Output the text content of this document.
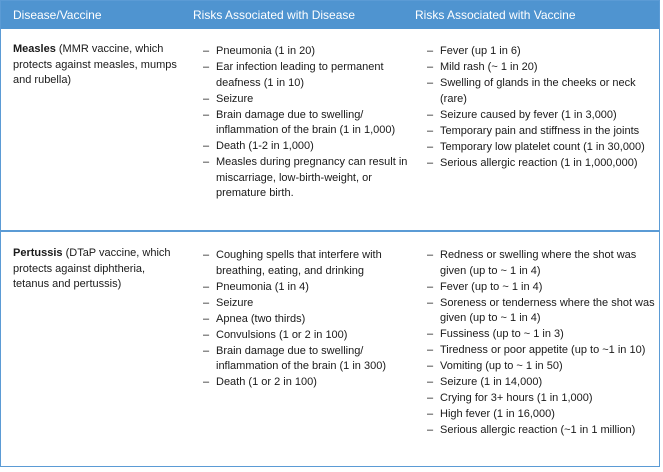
Disease/Vaccine	Risks Associated with Disease	Risks Associated with Vaccine
Measles (MMR vaccine, which protects against measles, mumps and rubella)
– Pneumonia (1 in 20)
– Ear infection leading to permanent deafness (1 in 10)
– Seizure
– Brain damage due to swelling/ inflammation of the brain (1 in 1,000)
– Death (1-2 in 1,000)
– Measles during pregnancy can result in miscarriage, low-birth-weight, or premature birth.
– Fever (up 1 in 6)
– Mild rash (~ 1 in 20)
– Swelling of glands in the cheeks or neck (rare)
– Seizure caused by fever (1 in 3,000)
– Temporary pain and stiffness in the joints
– Temporary low platelet count (1 in 30,000)
– Serious allergic reaction (1 in 1,000,000)
Pertussis (DTaP vaccine, which protects against diphtheria, tetanus and pertussis)
– Coughing spells that interfere with breathing, eating, and drinking
– Pneumonia (1 in 4)
– Seizure
– Apnea (two thirds)
– Convulsions (1 or 2 in 100)
– Brain damage due to swelling/ inflammation of the brain (1 in 300)
– Death (1 or 2 in 100)
– Redness or swelling where the shot was given (up to ~ 1 in 4)
– Fever (up to ~ 1 in 4)
– Soreness or tenderness where the shot was given (up to ~ 1 in 4)
– Fussiness (up to ~ 1 in 3)
– Tiredness or poor appetite (up to ~1 in 10)
– Vomiting (up to ~ 1 in 50)
– Seizure (1 in 14,000)
– Crying for 3+ hours (1 in 1,000)
– High fever (1 in 16,000)
– Serious allergic reaction (~1 in 1 million)
